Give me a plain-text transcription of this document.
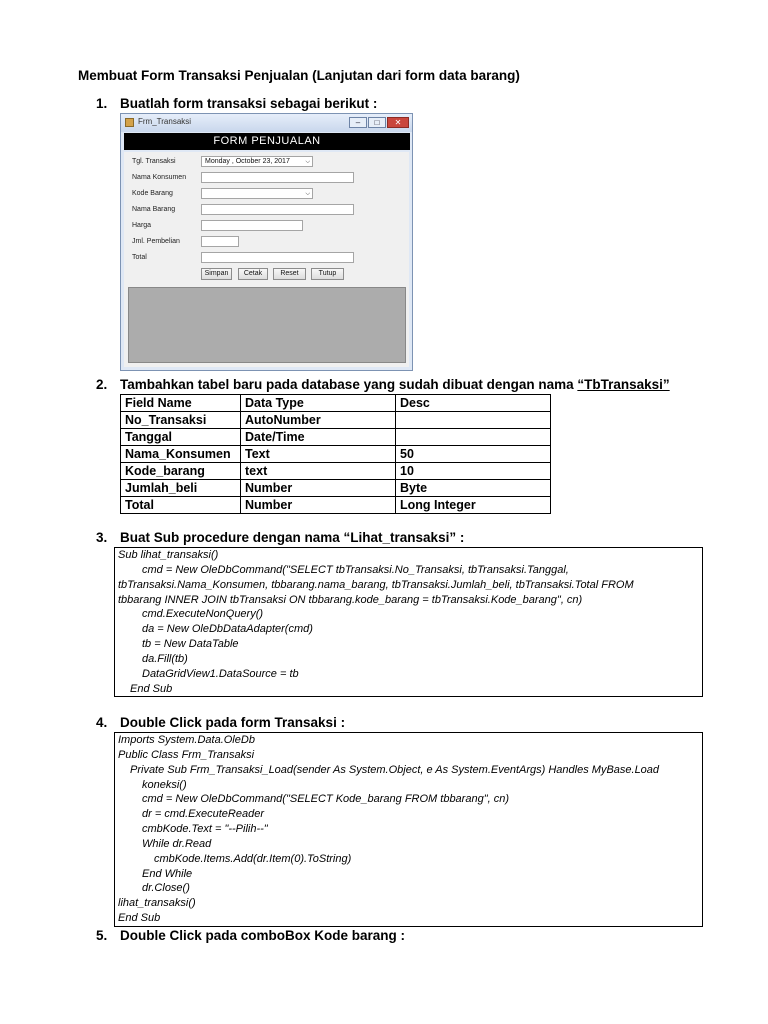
Membuat Form Transaksi Penjualan (Lanjutan dari form data barang)
1. Buatlah form transaksi sebagai berikut :
Frm_Transaksi	–	□	✕
FORM PENJUALAN
Tgl. Transaksi	Monday , October 23, 2017	⌵
Nama Konsumen
Kode Barang	⌵
Nama Barang
Harga
Jml. Pembelian
Total
Simpan	Cetak	Reset	Tutup
2. Tambahkan tabel baru pada database yang sudah dibuat dengan nama “TbTransaksi”
Field Name	Data Type	Desc
No_Transaksi	AutoNumber	
Tanggal	Date/Time	
Nama_Konsumen	Text	50
Kode_barang	text	10
Jumlah_beli	Number	Byte
Total	Number	Long Integer
3. Buat Sub procedure dengan nama “Lihat_transaksi” :
Sub lihat_transaksi()
cmd = New OleDbCommand("SELECT tbTransaksi.No_Transaksi, tbTransaksi.Tanggal,
tbTransaksi.Nama_Konsumen, tbbarang.nama_barang, tbTransaksi.Jumlah_beli, tbTransaksi.Total FROM
tbbarang INNER JOIN tbTransaksi ON tbbarang.kode_barang = tbTransaksi.Kode_barang", cn)
cmd.ExecuteNonQuery()
da = New OleDbDataAdapter(cmd)
tb = New DataTable
da.Fill(tb)
DataGridView1.DataSource = tb
End Sub
4. Double Click pada form Transaksi :
Imports System.Data.OleDb
Public Class Frm_Transaksi
Private Sub Frm_Transaksi_Load(sender As System.Object, e As System.EventArgs) Handles MyBase.Load
koneksi()
cmd = New OleDbCommand("SELECT Kode_barang FROM tbbarang", cn)
dr = cmd.ExecuteReader
cmbKode.Text = "--Pilih--"
While dr.Read
cmbKode.Items.Add(dr.Item(0).ToString)
End While
dr.Close()
lihat_transaksi()
End Sub
5. Double Click pada comboBox Kode barang :
